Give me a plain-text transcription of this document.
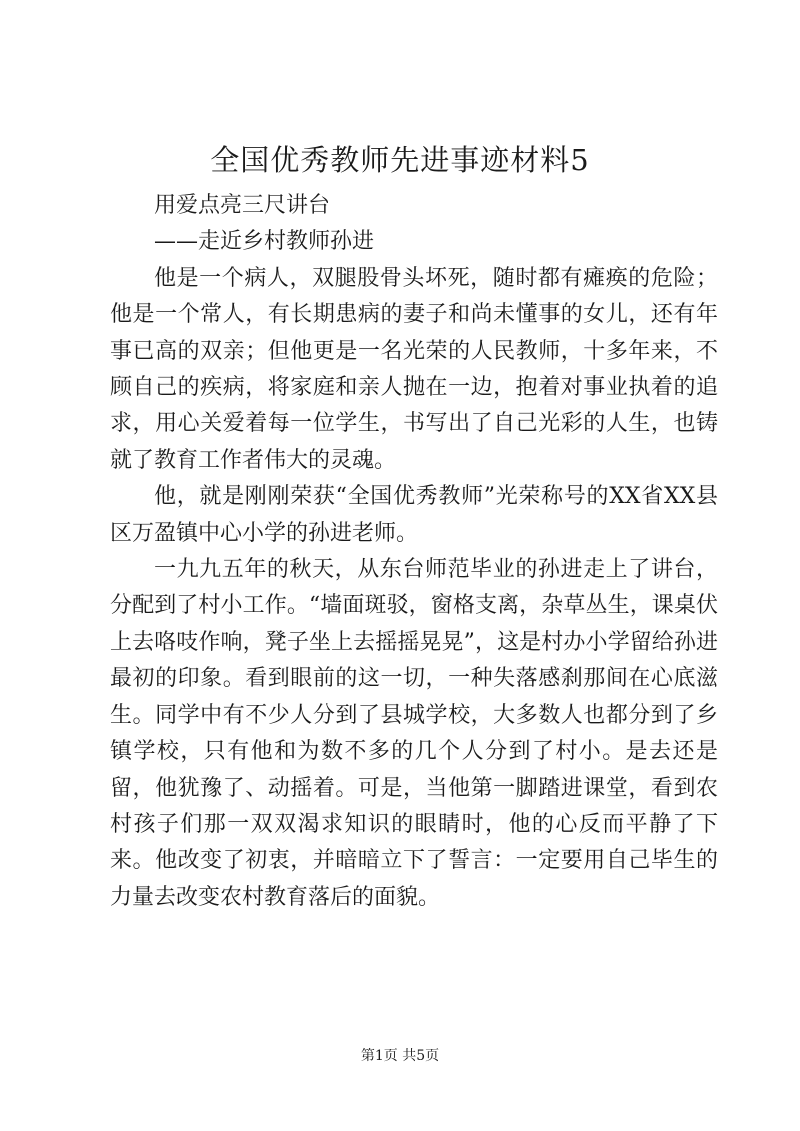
全国优秀教师先进事迹材料5

用爱点亮三尺讲台

——走近乡村教师孙进

他是一个病人，双腿股骨头坏死，随时都有瘫痪的危险；他是一个常人，有长期患病的妻子和尚未懂事的女儿，还有年事已高的双亲；但他更是一名光荣的人民教师，十多年来，不顾自己的疾病，将家庭和亲人抛在一边，抱着对事业执着的追求，用心关爱着每一位学生，书写出了自己光彩的人生，也铸就了教育工作者伟大的灵魂。

他，就是刚刚荣获“全国优秀教师”光荣称号的XX省XX县区万盈镇中心小学的孙进老师。

一九九五年的秋天，从东台师范毕业的孙进走上了讲台，分配到了村小工作。“墙面斑驳，窗格支离，杂草丛生，课桌伏上去咯吱作响，凳子坐上去摇摇晃晃”，这是村办小学留给孙进最初的印象。看到眼前的这一切，一种失落感刹那间在心底滋生。同学中有不少人分到了县城学校，大多数人也都分到了乡镇学校，只有他和为数不多的几个人分到了村小。是去还是留，他犹豫了、动摇着。可是，当他第一脚踏进课堂，看到农村孩子们那一双双渴求知识的眼睛时，他的心反而平静了下来。他改变了初衷，并暗暗立下了誓言：一定要用自己毕生的力量去改变农村教育落后的面貌。

第1页 共5页
